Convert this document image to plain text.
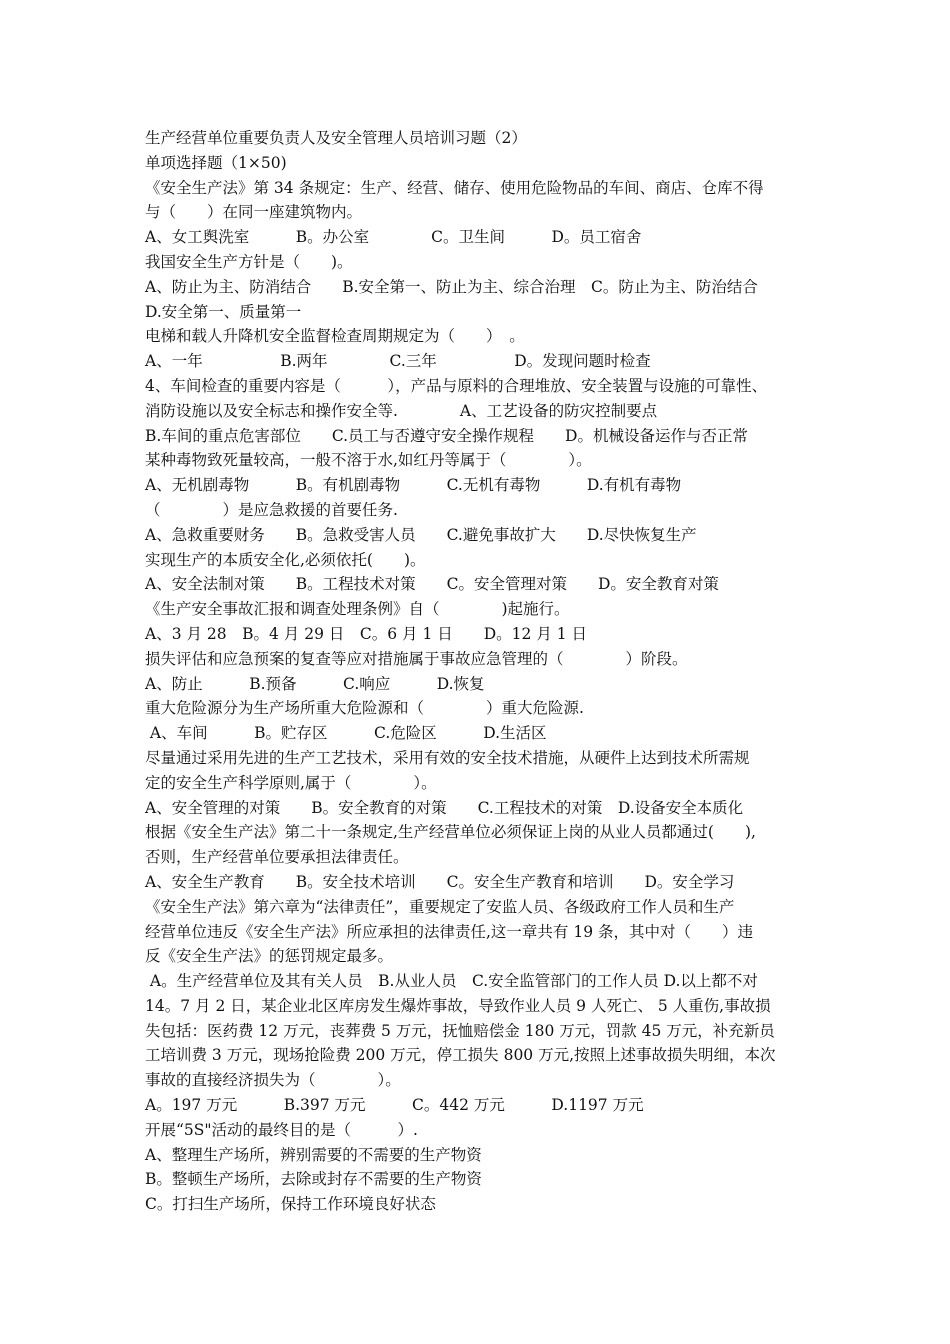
生产经营单位重要负责人及安全管理人员培训习题（2）
单项选择题（1×50)
《安全生产法》第 34 条规定：生产、经营、储存、使用危险物品的车间、商店、仓库不得
与（　　）在同一座建筑物内。
A、女工舆洗室　　　B。办公室　　　　C。卫生间　　　D。员工宿舍
我国安全生产方针是（　　)。
A、防止为主、防消结合　　B.安全第一、防止为主、综合治理　C。防止为主、防治结合
D.安全第一、质量第一
电梯和载人升降机安全监督检查周期规定为（　　）　。
A、一年　　　　　B.两年　　　　C.三年　　　　　D。发现问题时检查
4、车间检查的重要内容是（　　　），产品与原料的合理堆放、安全装置与设施的可靠性、
消防设施以及安全标志和操作安全等.　　　　A、工艺设备的防灾控制要点
B.车间的重点危害部位　　C.员工与否遵守安全操作规程　　D。机械设备运作与否正常
某种毒物致死量较高，一般不溶于水,如红丹等属于（　　　　）。
A、无机剧毒物　　　B。有机剧毒物　　　C.无机有毒物　　　D.有机有毒物
（　　　　）是应急救援的首要任务.
A、急救重要财务　　B。急救受害人员　　C.避免事故扩大　　D.尽快恢复生产
实现生产的本质安全化,必须依托(　　)。
A、安全法制对策　　B。工程技术对策　　C。安全管理对策　　D。安全教育对策
《生产安全事故汇报和调查处理条例》自（　　　　)起施行。
A、3 月 28　B。4 月 29 日　C。6 月 1 日　　D。12 月 1 日
损失评估和应急预案的复查等应对措施属于事故应急管理的（　　　　）阶段。
A、防止　　　B.预备　　　C.响应　　　D.恢复
重大危险源分为生产场所重大危险源和（　　　　）重大危险源.
A、车间　　　B。贮存区　　　C.危险区　　　D.生活区
尽量通过采用先进的生产工艺技术，采用有效的安全技术措施，从硬件上达到技术所需规
定的安全生产科学原则,属于（　　　　）。
A、安全管理的对策　　B。安全教育的对策　　C.工程技术的对策　D.设备安全本质化
根据《安全生产法》第二十一条规定,生产经营单位必须保证上岗的从业人员都通过(　　),
否则，生产经营单位要承担法律责任。
A、安全生产教育　　B。安全技术培训　　C。安全生产教育和培训　　D。安全学习
《安全生产法》第六章为“法律责任”，重要规定了安监人员、各级政府工作人员和生产
经营单位违反《安全生产法》所应承担的法律责任,这一章共有 19 条，其中对（　　）违
反《安全生产法》的惩罚规定最多。
A。生产经营单位及其有关人员　B.从业人员　C.安全监管部门的工作人员 D.以上都不对
14。7 月 2 日，某企业北区库房发生爆炸事故，导致作业人员 9 人死亡、 5 人重伤,事故损
失包括：医药费 12 万元，丧葬费 5 万元，抚恤赔偿金 180 万元，罚款 45 万元，补充新员
工培训费 3 万元，现场抢险费 200 万元，停工损失 800 万元,按照上述事故损失明细，本次
事故的直接经济损失为（　　　　）。
A。197 万元　　　B.397 万元　　　C。442 万元　　　D.1197 万元
开展“5S"活动的最终目的是（　　　）.
A、整理生产场所，辨别需要的不需要的生产物资
B。整顿生产场所，去除或封存不需要的生产物资
C。打扫生产场所，保持工作环境良好状态
